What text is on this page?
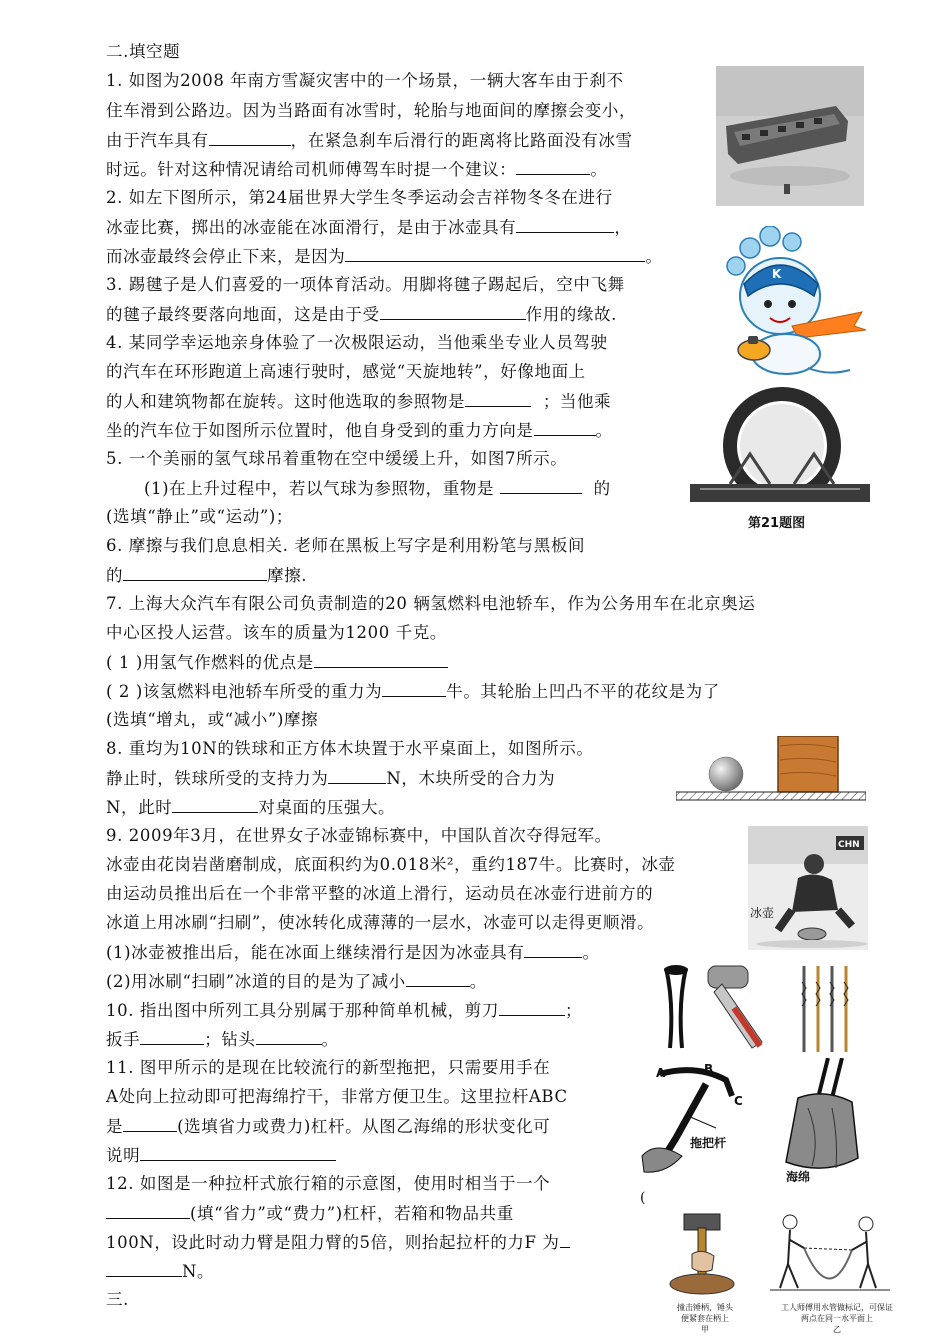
二.填空题
1. 如图为2008 年南方雪凝灾害中的一个场景，一辆大客车由于刹不
住车滑到公路边。因为当路面有冰雪时，轮胎与地面间的摩擦会变小，
由于汽车具有	，在紧急刹车后滑行的距离将比路面没有冰雪
时远。针对这种情况请给司机师傅驾车时提一个建议：	。
2. 如左下图所示，第24届世界大学生冬季运动会吉祥物冬冬在进行
冰壶比赛，掷出的冰壶能在冰面滑行，是由于冰壶具有	，
而冰壶最终会停止下来，是因为	。
3. 踢毽子是人们喜爱的一项体育活动。用脚将毽子踢起后，空中飞舞
的毽子最终要落向地面，这是由于受	作用的缘故.
4. 某同学幸运地亲身体验了一次极限运动，当他乘坐专业人员驾驶
的汽车在环形跑道上高速行驶时，感觉“天旋地转”，好像地面上
的人和建筑物都在旋转。这时他选取的参照物是	；当他乘
坐的汽车位于如图所示位置时，他自身受到的重力方向是	。
5. 一个美丽的氢气球吊着重物在空中缓缓上升，如图7所示。
(1)在上升过程中，若以气球为参照物，重物是	的
(选填“静止”或“运动”)；
6. 摩擦与我们息息相关. 老师在黑板上写字是利用粉笔与黑板间
的	摩擦.
7. 上海大众汽车有限公司负责制造的20 辆氢燃料电池轿车，作为公务用车在北京奥运
中心区投人运营。该车的质量为1200 千克。
( 1 )用氢气作燃料的优点是
( 2 )该氢燃料电池轿车所受的重力为	牛。其轮胎上凹凸不平的花纹是为了
(选填“增丸，或“减小”)摩擦
8. 重均为10N的铁球和正方体木块置于水平桌面上，如图所示。
静止时，铁球所受的支持力为	N，木块所受的合力为
N，此时	对桌面的压强大。
9. 2009年3月，在世界女子冰壶锦标赛中，中国队首次夺得冠军。
冰壶由花岗岩凿磨制成，底面积约为0.018米²，重约187牛。比赛时，冰壶
由运动员推出后在一个非常平整的冰道上滑行，运动员在冰壶行进前方的
冰道上用冰刷“扫刷”，使冰转化成薄薄的一层水，冰壶可以走得更顺滑。
(1)冰壶被推出后，能在冰面上继续滑行是因为冰壶具有	。
(2)用冰刷“扫刷”冰道的目的是为了减小	。
10. 指出图中所列工具分别属于那种简单机械，剪刀	；
扳手	；钻头	。
11. 图甲所示的是现在比较流行的新型拖把，只需要用手在
A处向上拉动即可把海绵拧干，非常方便卫生。这里拉杆ABC
是	(选填省力或费力)杠杆。从图乙海绵的形状变化可
说明
12. 如图是一种拉杆式旅行箱的示意图，使用时相当于一个
(填“省力”或“费力”)杠杆，若箱和物品共重
100N，设此时动力臂是阻力臂的5倍，则抬起拉杆的力F 为
N。
三.
K
第21题图
CHN
冰壶
A	B
C
拖把杆
海绵
(
撞击锤柄，锤头
便紧套在柄上
甲
工人师傅用水管做标记，可保证
两点在同一水平面上
乙
